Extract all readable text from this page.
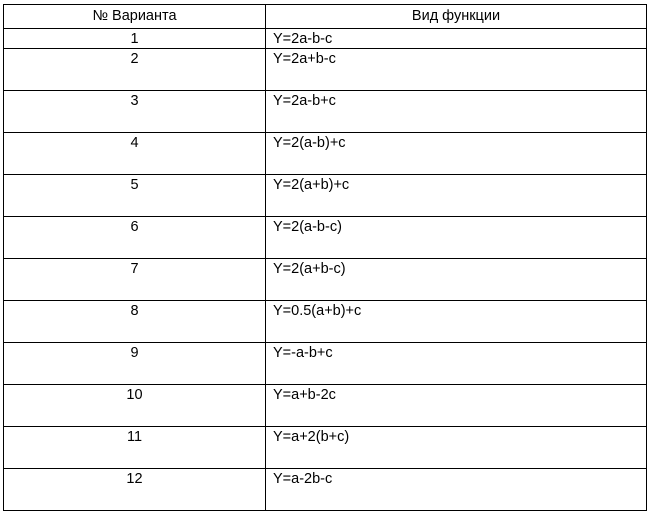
№ Варианта	Вид функции
1	Y=2a-b-c
2	Y=2a+b-c
3	Y=2a-b+c
4	Y=2(a-b)+c
5	Y=2(a+b)+c
6	Y=2(a-b-c)
7	Y=2(a+b-c)
8	Y=0.5(a+b)+c
9	Y=-a-b+c
10	Y=a+b-2c
11	Y=a+2(b+c)
12	Y=a-2b-c
